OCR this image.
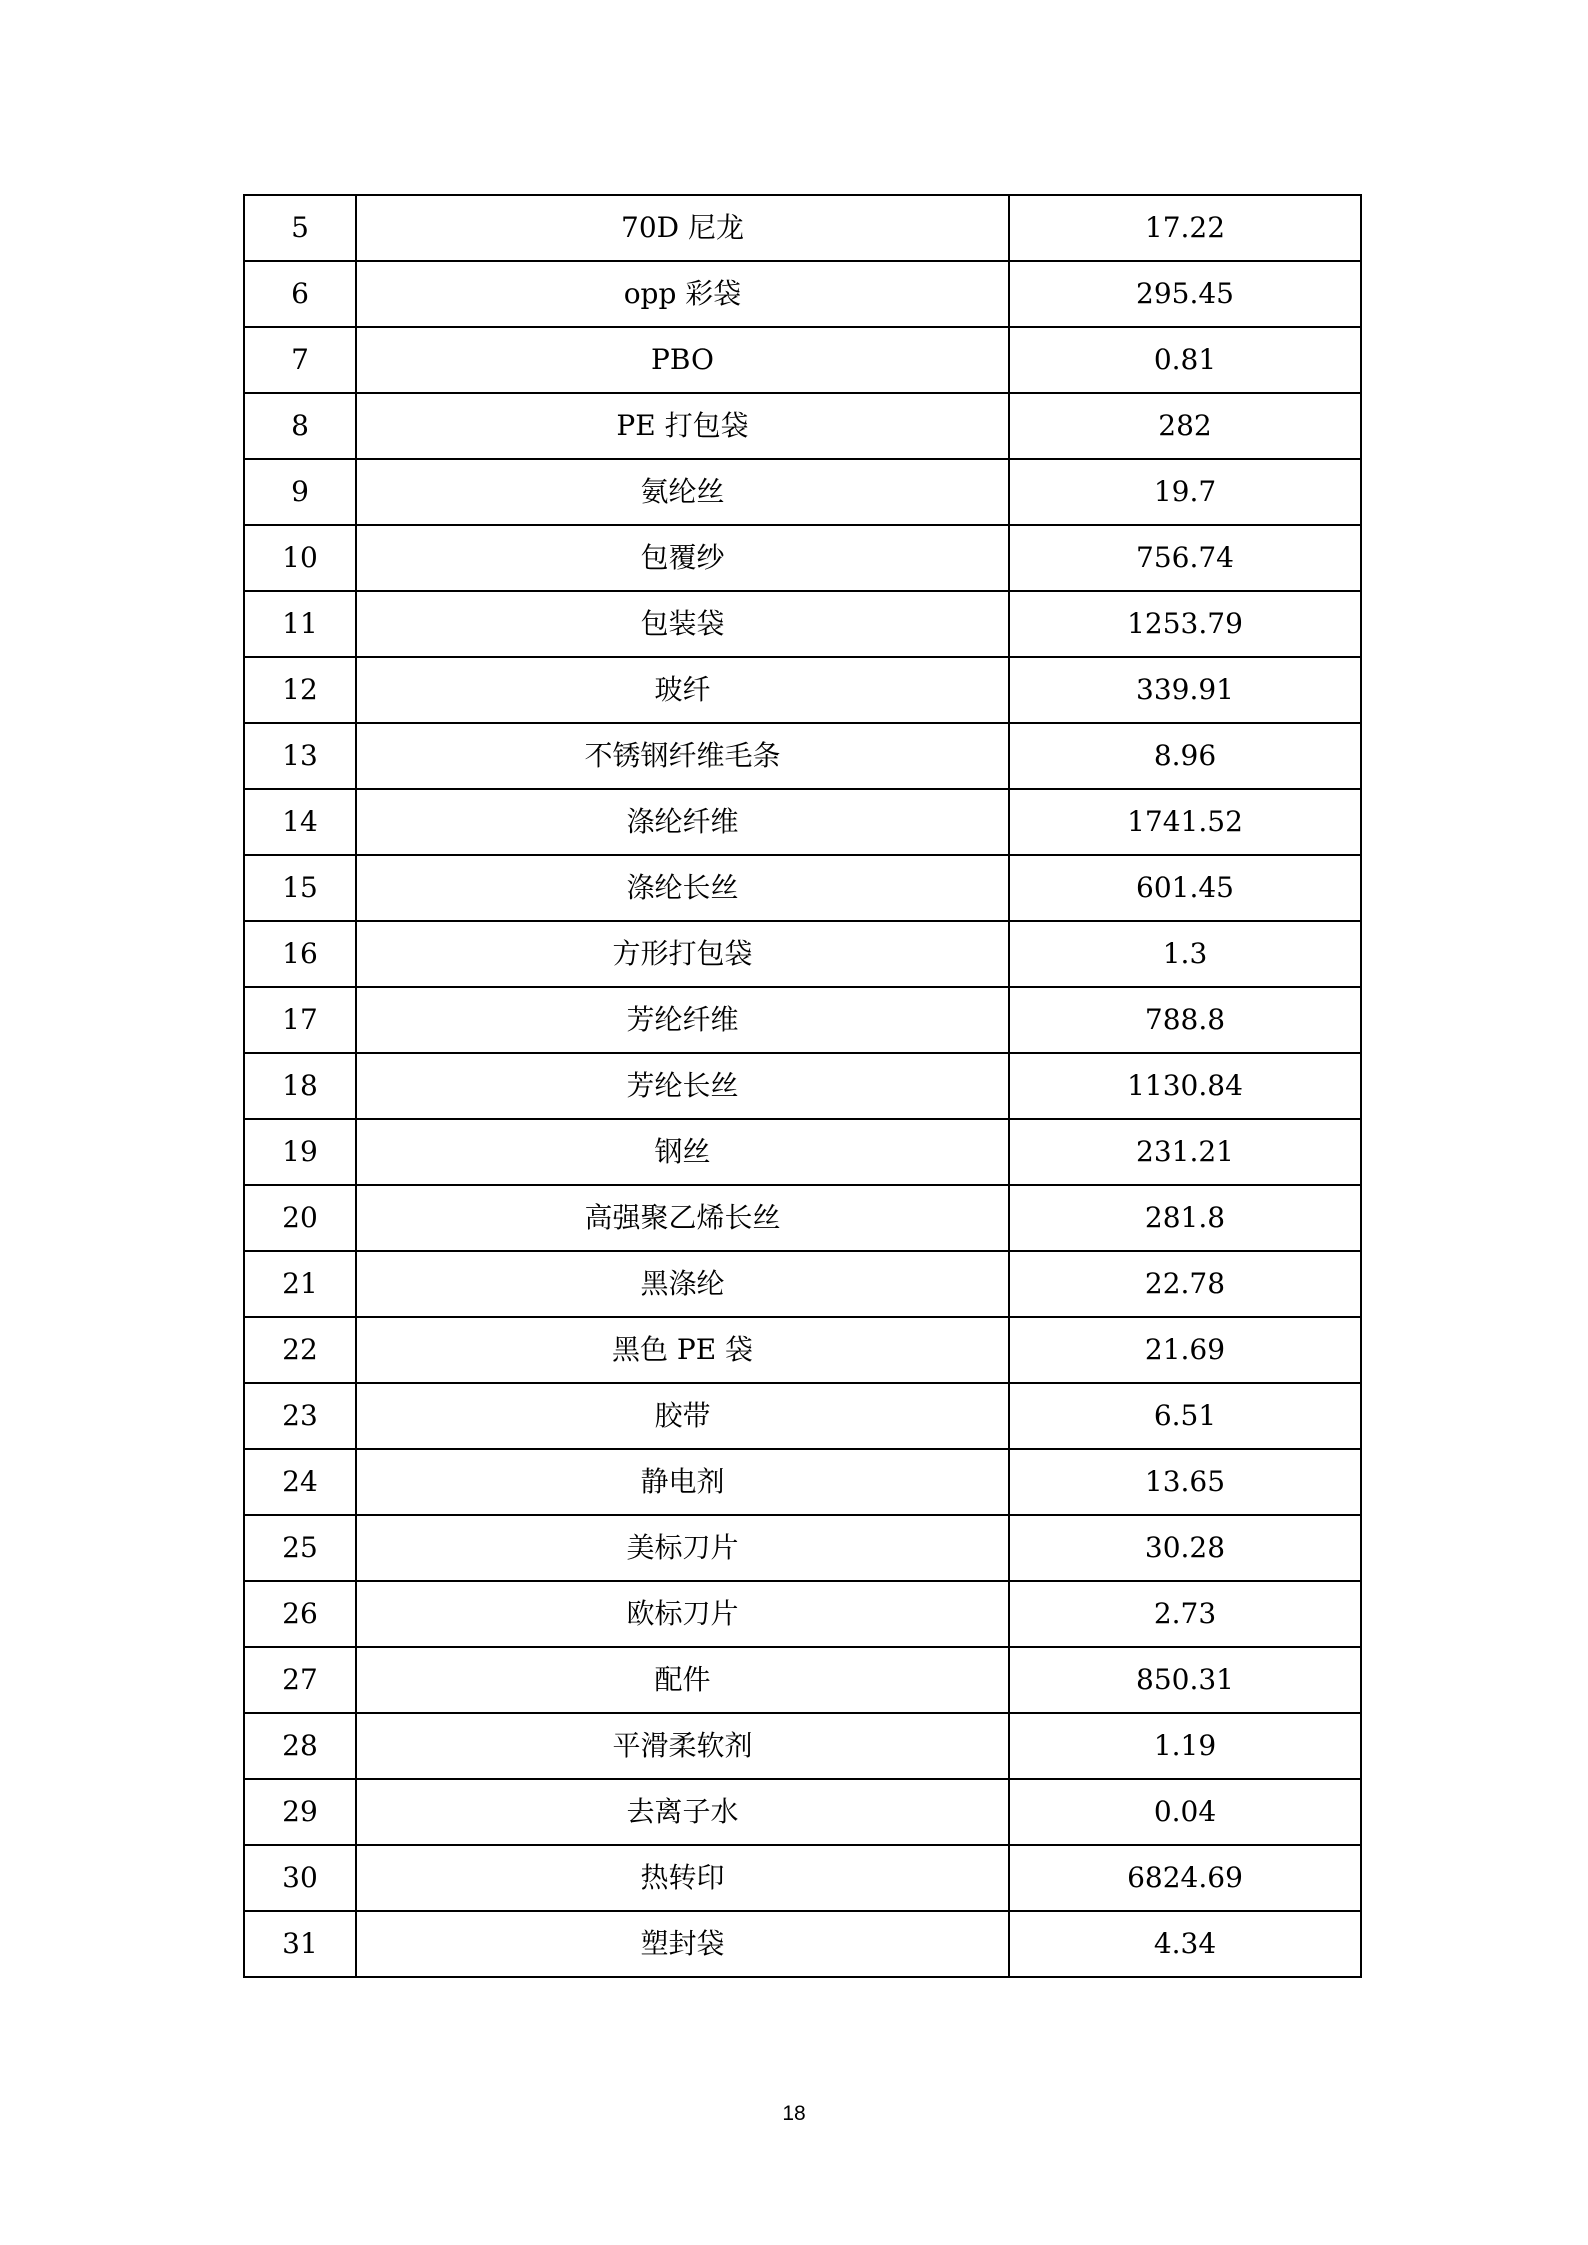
5	70D 尼龙	17.22
6	opp 彩袋	295.45
7	PBO	0.81
8	PE 打包袋	282
9	氨纶丝	19.7
10	包覆纱	756.74
11	包装袋	1253.79
12	玻纤	339.91
13	不锈钢纤维毛条	8.96
14	涤纶纤维	1741.52
15	涤纶长丝	601.45
16	方形打包袋	1.3
17	芳纶纤维	788.8
18	芳纶长丝	1130.84
19	钢丝	231.21
20	高强聚乙烯长丝	281.8
21	黑涤纶	22.78
22	黑色 PE 袋	21.69
23	胶带	6.51
24	静电剂	13.65
25	美标刀片	30.28
26	欧标刀片	2.73
27	配件	850.31
28	平滑柔软剂	1.19
29	去离子水	0.04
30	热转印	6824.69
31	塑封袋	4.34
18
